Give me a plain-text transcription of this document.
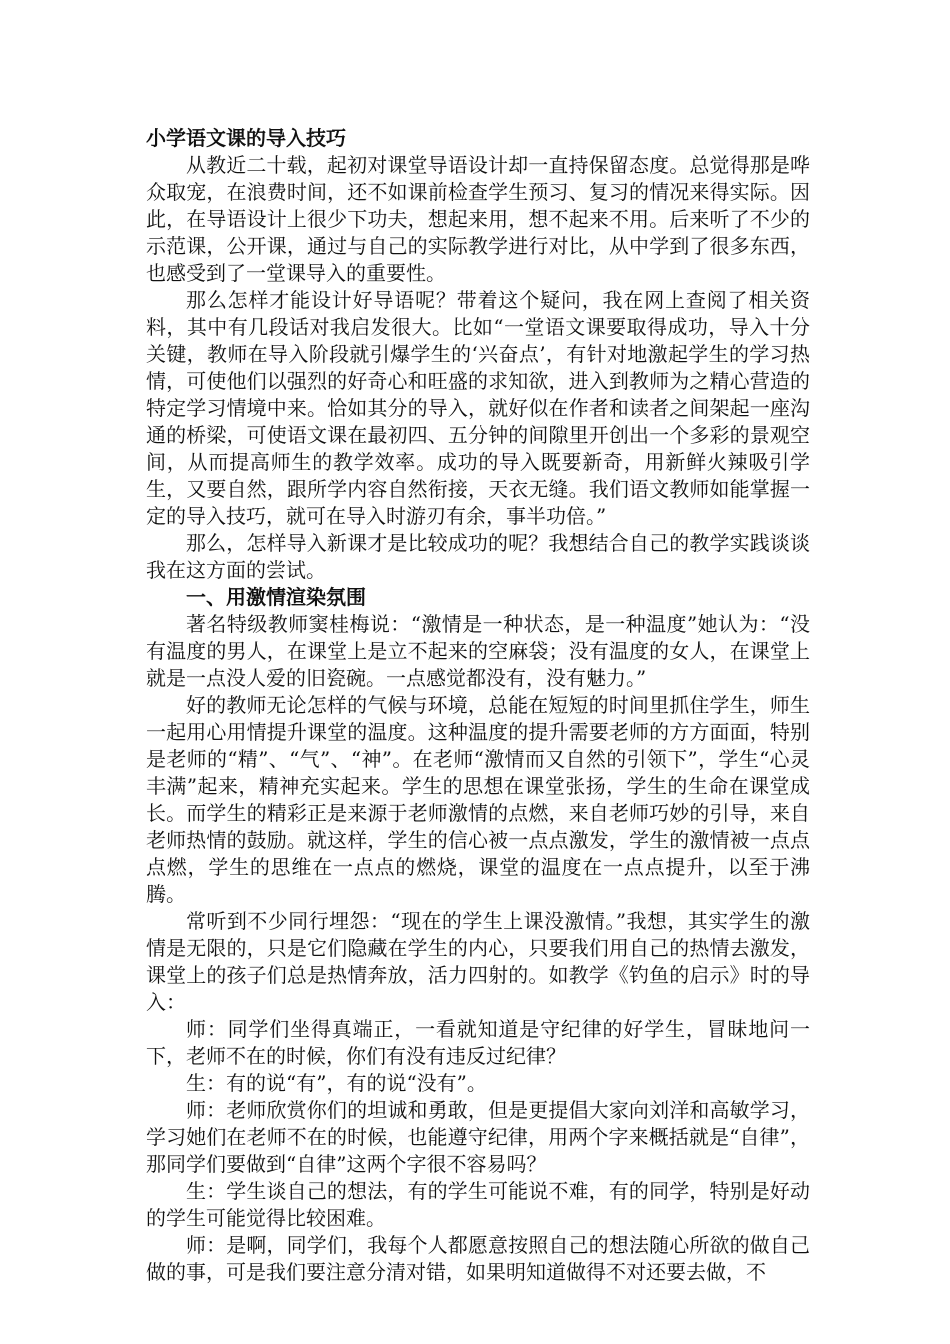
小学语文课的导入技巧

从教近二十载，起初对课堂导语设计却一直持保留态度。总觉得那是哗众取宠，在浪费时间，还不如课前检查学生预习、复习的情况来得实际。因此，在导语设计上很少下功夫，想起来用，想不起来不用。后来听了不少的示范课，公开课，通过与自己的实际教学进行对比，从中学到了很多东西，也感受到了一堂课导入的重要性。

那么怎样才能设计好导语呢？带着这个疑问，我在网上查阅了相关资料，其中有几段话对我启发很大。比如“一堂语文课要取得成功，导入十分关键，教师在导入阶段就引爆学生的‘兴奋点’，有针对地激起学生的学习热情，可使他们以强烈的好奇心和旺盛的求知欲，进入到教师为之精心营造的特定学习情境中来。恰如其分的导入，就好似在作者和读者之间架起一座沟通的桥梁，可使语文课在最初四、五分钟的间隙里开创出一个多彩的景观空间，从而提高师生的教学效率。成功的导入既要新奇，用新鲜火辣吸引学生，又要自然，跟所学内容自然衔接，天衣无缝。我们语文教师如能掌握一定的导入技巧，就可在导入时游刃有余，事半功倍。”

那么，怎样导入新课才是比较成功的呢？我想结合自己的教学实践谈谈我在这方面的尝试。

一、用激情渲染氛围

著名特级教师窦桂梅说：“激情是一种状态，是一种温度”她认为：“没有温度的男人，在课堂上是立不起来的空麻袋；没有温度的女人，在课堂上就是一点没人爱的旧瓷碗。一点感觉都没有，没有魅力。”

好的教师无论怎样的气候与环境，总能在短短的时间里抓住学生，师生一起用心用情提升课堂的温度。这种温度的提升需要老师的方方面面，特别是老师的“精”、“气”、“神”。在老师“激情而又自然的引领下”，学生“心灵丰满”起来，精神充实起来。学生的思想在课堂张扬，学生的生命在课堂成长。而学生的精彩正是来源于老师激情的点燃，来自老师巧妙的引导，来自老师热情的鼓励。就这样，学生的信心被一点点激发，学生的激情被一点点点燃，学生的思维在一点点的燃烧，课堂的温度在一点点提升，以至于沸腾。

常听到不少同行埋怨：“现在的学生上课没激情。”我想，其实学生的激情是无限的，只是它们隐藏在学生的内心，只要我们用自己的热情去激发，课堂上的孩子们总是热情奔放，活力四射的。如教学《钓鱼的启示》时的导入：

师：同学们坐得真端正，一看就知道是守纪律的好学生，冒昧地问一下，老师不在的时候，你们有没有违反过纪律？

生：有的说“有”，有的说“没有”。

师：老师欣赏你们的坦诚和勇敢，但是更提倡大家向刘洋和高敏学习，学习她们在老师不在的时候，也能遵守纪律，用两个字来概括就是“自律”，那同学们要做到“自律”这两个字很不容易吗？

生：学生谈自己的想法，有的学生可能说不难，有的同学，特别是好动的学生可能觉得比较困难。

师：是啊，同学们，我每个人都愿意按照自己的想法随心所欲的做自己做的事，可是我们要注意分清对错，如果明知道做得不对还要去做，不
